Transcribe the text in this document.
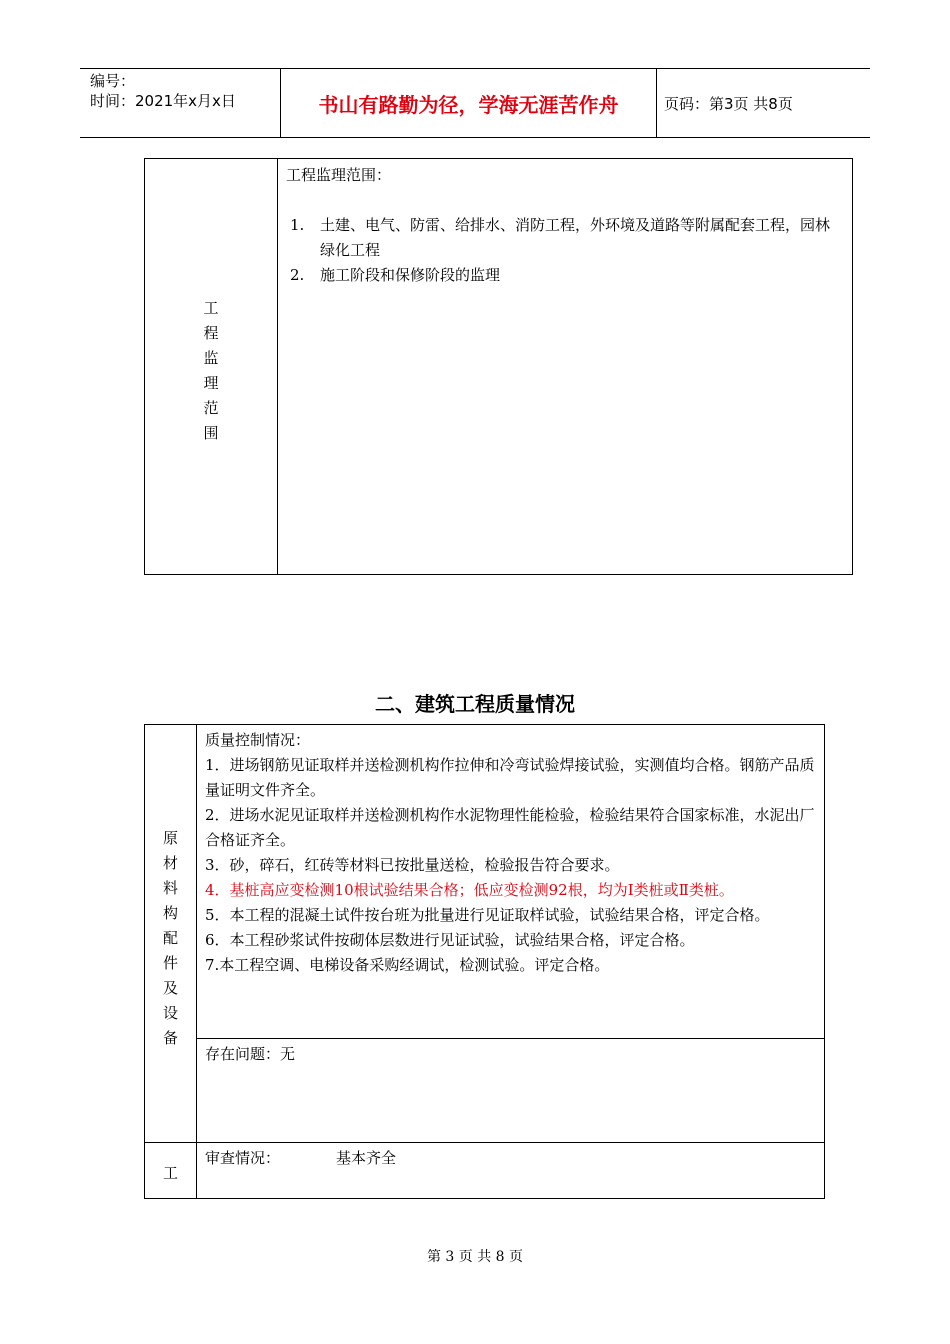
编号：
时间：2021年x月x日	书山有路勤为径，学海无涯苦作舟	页码：第3页 共8页
工
程
监
理
范
围
工程监理范围：
1.	土建、电气、防雷、给排水、消防工程，外环境及道路等附属配套工程，园林绿化工程
2.	施工阶段和保修阶段的监理
二、建筑工程质量情况
原
材
料
构
配
件
及
设
备

质量控制情况：

1．进场钢筋见证取样并送检测机构作拉伸和冷弯试验焊接试验，实测值均合格。钢筋产品质量证明文件齐全。

2．进场水泥见证取样并送检测机构作水泥物理性能检验，检验结果符合国家标准，水泥出厂合格证齐全。

3．砂，碎石，红砖等材料已按批量送检，检验报告符合要求。

4．基桩高应变检测10根试验结果合格；低应变检测92根，均为Ⅰ类桩或Ⅱ类桩。

5．本工程的混凝土试件按台班为批量进行见证取样试验，试验结果合格，评定合格。

6．本工程砂浆试件按砌体层数进行见证试验，试验结果合格，评定合格。

7.本工程空调、电梯设备采购经调试，检测试验。评定合格。

存在问题：无
工
审查情况：	基本齐全
第 3 页 共 8 页
